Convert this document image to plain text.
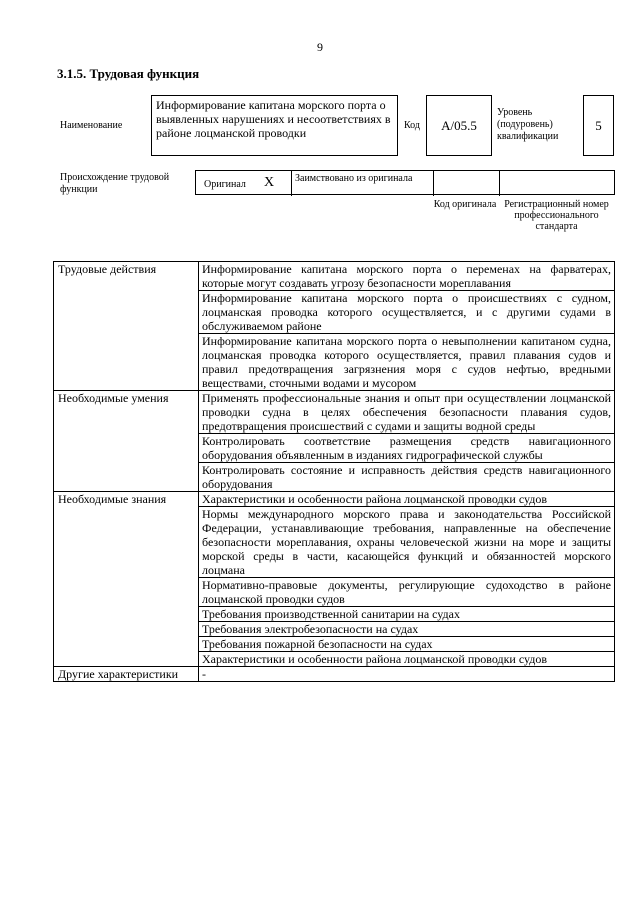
9
3.1.5. Трудовая функция
Наименование
Информирование капитана морского порта о выявленных нарушениях и несоответствиях в районе лоцманской проводки
Код	А/05.5
Уровень (подуровень) квалификации
5
Происхождение трудовой функции	Оригинал X	Заимствовано из оригинала
Код оригинала Регистрационный номер профессионального стандарта
Трудовые действия	Информирование капитана морского порта о переменах на фарватерах, которые могут создавать угрозу безопасности мореплавания
	Информирование капитана морского порта о происшествиях с судном, лоцманская проводка которого осуществляется, и с другими судами в обслуживаемом районе
	Информирование капитана морского порта о невыполнении капитаном судна, лоцманская проводка которого осуществляется, правил плавания судов и правил предотвращения загрязнения моря с судов нефтью, вредными веществами, сточными водами и мусором
Необходимые умения	Применять профессиональные знания и опыт при осуществлении лоцманской проводки судна в целях обеспечения безопасности плавания судов, предотвращения происшествий с судами и защиты водной среды
	Контролировать соответствие размещения средств навигационного оборудования объявленным в изданиях гидрографической службы
	Контролировать состояние и исправность действия средств навигационного оборудования
Необходимые знания	Характеристики и особенности района лоцманской проводки судов
	Нормы международного морского права и законодательства Российской Федерации, устанавливающие требования, направленные на обеспечение безопасности мореплавания, охраны человеческой жизни на море и защиты морской среды в части, касающейся функций и обязанностей морского лоцмана
	Нормативно-правовые документы, регулирующие судоходство в районе лоцманской проводки судов
	Требования производственной санитарии на судах
	Требования электробезопасности на судах
	Требования пожарной безопасности на судах
	Характеристики и особенности района лоцманской проводки судов
Другие характеристики	-
